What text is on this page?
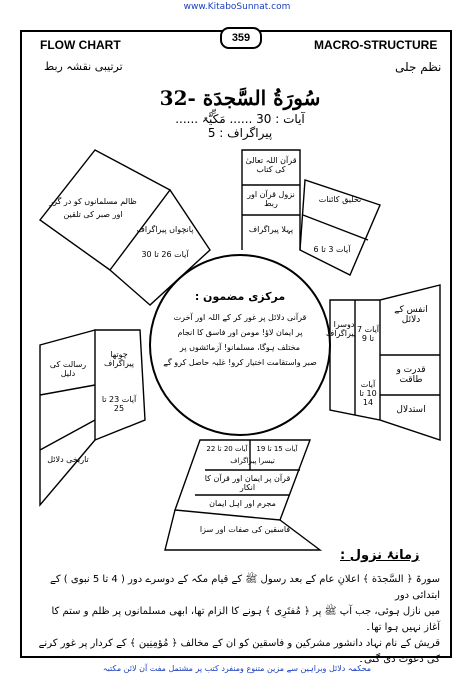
www.KitaboSunnat.com
FLOW CHART	MACRO-STRUCTURE
359
ترتیبی نقشہ ربط	نظم جلی
32- سُورَةُ السَّجدَة
آیات : 30 ...... مَکِّیَّۃ ...... پیراگراف : 5
قرآن اللہ تعالیٰ کی کتاب
نزول قرآن اور ربط
پہلا پیراگراف
تخلیق کائنات
آیات 3 تا 6
پانچواں پیراگراف
آیات 26 تا 30
ظالم مسلمانوں کو در گزر اور صبر کی تلقین
دوسرا پیراگراف آیات 7 تا 9
آیات 10 تا 14
انفس کے دلائل
قدرت و طاقت
استدلال
چوتھا پیراگراف
آیات 23 تا 25
رسالت کی دلیل
تاریخی دلائل
آیات 20 تا 22	آیات 15 تا 19
تیسرا پیراگراف
قرآن پر ایمان اور قرآن کا انکار
مجرم اور اہل ایمان
فاسقین کی صفات اور سزا
مرکزی مضمون :
قرآنی دلائل پر غور کر کے اللہ اور آخرت
پر ایمان لاؤ! مومن اور فاسق کا انجام
مختلف ہوگا، مسلمانو! آزمائشوں پر
صبر واستقامت اختیار کرو! غلبہ حاصل کرو گے
زمانۂ نزول :
سورۃ ﴿ السَّجدَة ﴾ اعلانِ عام کے بعد رسول ﷺ کے قیام مکہ کے دوسرے دور ( 4 تا 5 نبوی ) کے ابتدائی دور
میں نازل ہوئی، جب آپ ﷺ پر ﴿ مُفتَرِی ﴾ ہونے کا الزام تھا، ابھی مسلمانوں پر ظلم و ستم کا آغاز نہیں ہوا تھا۔
قریش کے نام نہاد دانشور مشرکین و فاسقین کو ان کے مخالف ﴿ مُؤمِنِين ﴾ کے کردار پر غور کرنے کی دعوت دی گئی۔
محکمہ دلائل وبراہین سے مزین متنوع ومنفرد کتب پر مشتمل مفت آن لائن مکتبہ
